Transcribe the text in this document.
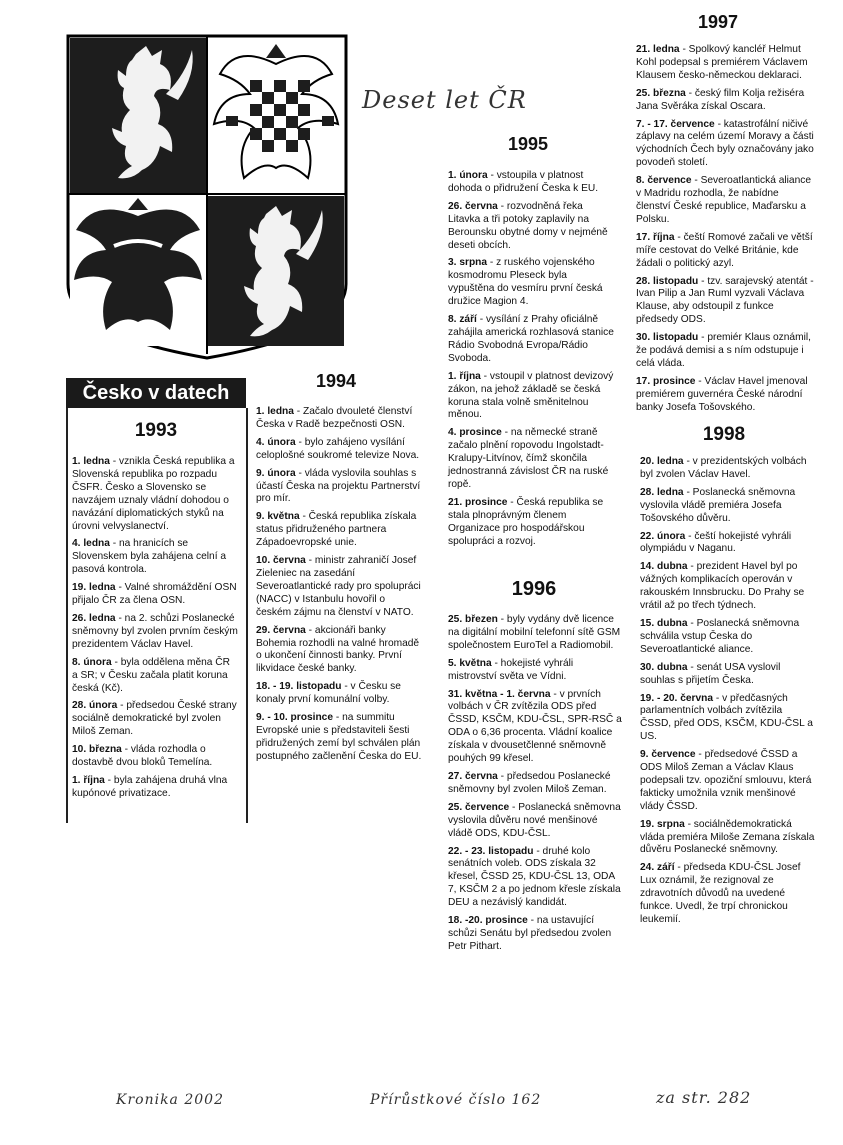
Deset let ČR
Česko v datech
1993
1994
1995
1996
1997
1998

1. ledna - vznikla Česká republika a Slovenská republika po rozpadu ČSFR. Česko a Slovensko se navzájem uznaly vládní dohodou o navázání diplomatických styků na úrovni velvyslanectví.

4. ledna - na hranicích se Slovenskem byla zahájena celní a pasová kontrola.

19. ledna - Valné shromáždění OSN přijalo ČR za člena OSN.

26. ledna - na 2. schůzi Poslanecké sněmovny byl zvolen prvním českým prezidentem Václav Havel.

8. února - byla oddělena měna ČR a SR; v Česku začala platit koruna česká (Kč).

28. února - předsedou České strany sociálně demokratické byl zvolen Miloš Zeman.

10. března - vláda rozhodla o dostavbě dvou bloků Temelína.

1. října - byla zahájena druhá vlna kupónové privatizace.

1. ledna - Začalo dvouleté členství Česka v Radě bezpečnosti OSN.

4. února - bylo zahájeno vysílání celoplošné soukromé televize Nova.

9. února - vláda vyslovila souhlas s účastí Česka na projektu Partnerství pro mír.

9. května - Česká republika získala status přidruženého partnera Západoevropské unie.

10. června - ministr zahraničí Josef Zieleniec na zasedání Severoatlantické rady pro spolupráci (NACC) v Istanbulu hovořil o českém zájmu na členství v NATO.

29. června - akcionáři banky Bohemia rozhodli na valné hromadě o ukončení činnosti banky. První likvidace české banky.

18. - 19. listopadu - v Česku se konaly první komunální volby.

9. - 10. prosince - na summitu Evropské unie s představiteli šesti přidružených zemí byl schválen plán postupného začlenění Česka do EU.

1. února - vstoupila v platnost dohoda o přidružení Česka k EU.

26. června - rozvodněná řeka Litavka a tři potoky zaplavily na Berounsku obytné domy v nejméně deseti obcích.

3. srpna - z ruského vojenského kosmodromu Pleseck byla vypuštěna do vesmíru první česká družice Magion 4.

8. září - vysílání z Prahy oficiálně zahájila americká rozhlasová stanice Rádio Svobodná Evropa/Rádio Svoboda.

1. října - vstoupil v platnost devizový zákon, na jehož základě se česká koruna stala volně směnitelnou měnou.

4. prosince - na německé straně začalo plnění ropovodu Ingolstadt-Kralupy-Litvínov, čímž skončila jednostranná závislost ČR na ruské ropě.

21. prosince - Česká republika se stala plnoprávným členem Organizace pro hospodářskou spolupráci a rozvoj.

25. březen - byly vydány dvě licence na digitální mobilní telefonní sítě GSM společnostem EuroTel a Radiomobil.

5. května - hokejisté vyhráli mistrovství světa ve Vídni.

31. května - 1. června - v prvních volbách v ČR zvítězila ODS před ČSSD, KSČM, KDU-ČSL, SPR-RSČ a ODA o 6,36 procenta. Vládní koalice získala v dvousetčlenné sněmovně pouhých 99 křesel.

27. června - předsedou Poslanecké sněmovny byl zvolen Miloš Zeman.

25. července - Poslanecká sněmovna vyslovila důvěru nové menšinové vládě ODS, KDU-ČSL.

22. - 23. listopadu - druhé kolo senátních voleb. ODS získala 32 křesel, ČSSD 25, KDU-ČSL 13, ODA 7, KSČM 2 a po jednom křesle získala DEU a nezávislý kandidát.

18. -20. prosince - na ustavující schůzi Senátu byl předsedou zvolen Petr Pithart.

21. ledna - Spolkový kancléř Helmut Kohl podepsal s premiérem Václavem Klausem česko-německou deklaraci.

25. března - český film Kolja režiséra Jana Svěráka získal Oscara.

7. - 17. července - katastrofální ničivé záplavy na celém území Moravy a části východních Čech byly označovány jako povodeň století.

8. července - Severoatlantická aliance v Madridu rozhodla, že nabídne členství České republice, Maďarsku a Polsku.

17. října - čeští Romové začali ve větší míře cestovat do Velké Británie, kde žádali o politický azyl.

28. listopadu - tzv. sarajevský atentát - Ivan Pilip a Jan Ruml vyzvali Václava Klause, aby odstoupil z funkce předsedy ODS.

30. listopadu - premiér Klaus oznámil, že podává demisi a s ním odstupuje i celá vláda.

17. prosince - Václav Havel jmenoval premiérem guvernéra České národní banky Josefa Tošovského.

20. ledna - v prezidentských volbách byl zvolen Václav Havel.

28. ledna - Poslanecká sněmovna vyslovila vládě premiéra Josefa Tošovského důvěru.

22. února - čeští hokejisté vyhráli olympiádu v Naganu.

14. dubna - prezident Havel byl po vážných komplikacích operován v rakouském Innsbrucku. Do Prahy se vrátil až po třech týdnech.

15. dubna - Poslanecká sněmovna schválila vstup Česka do Severoatlantické aliance.

30. dubna - senát USA vyslovil souhlas s přijetím Česka.

19. - 20. června - v předčasných parlamentních volbách zvítězila ČSSD, před ODS, KSČM, KDU-ČSL a US.

9. července - předsedové ČSSD a ODS Miloš Zeman a Václav Klaus podepsali tzv. opoziční smlouvu, která fakticky umožnila vznik menšinové vlády ČSSD.

19. srpna - sociálnědemokratická vláda premiéra Miloše Zemana získala důvěru Poslanecké sněmovny.

24. září - předseda KDU-ČSL Josef Lux oznámil, že rezignoval ze zdravotních důvodů na uvedené funkce. Uvedl, že trpí chronickou leukemií.

Kronika 2002	Přírůstkové číslo 162	za str. 282
